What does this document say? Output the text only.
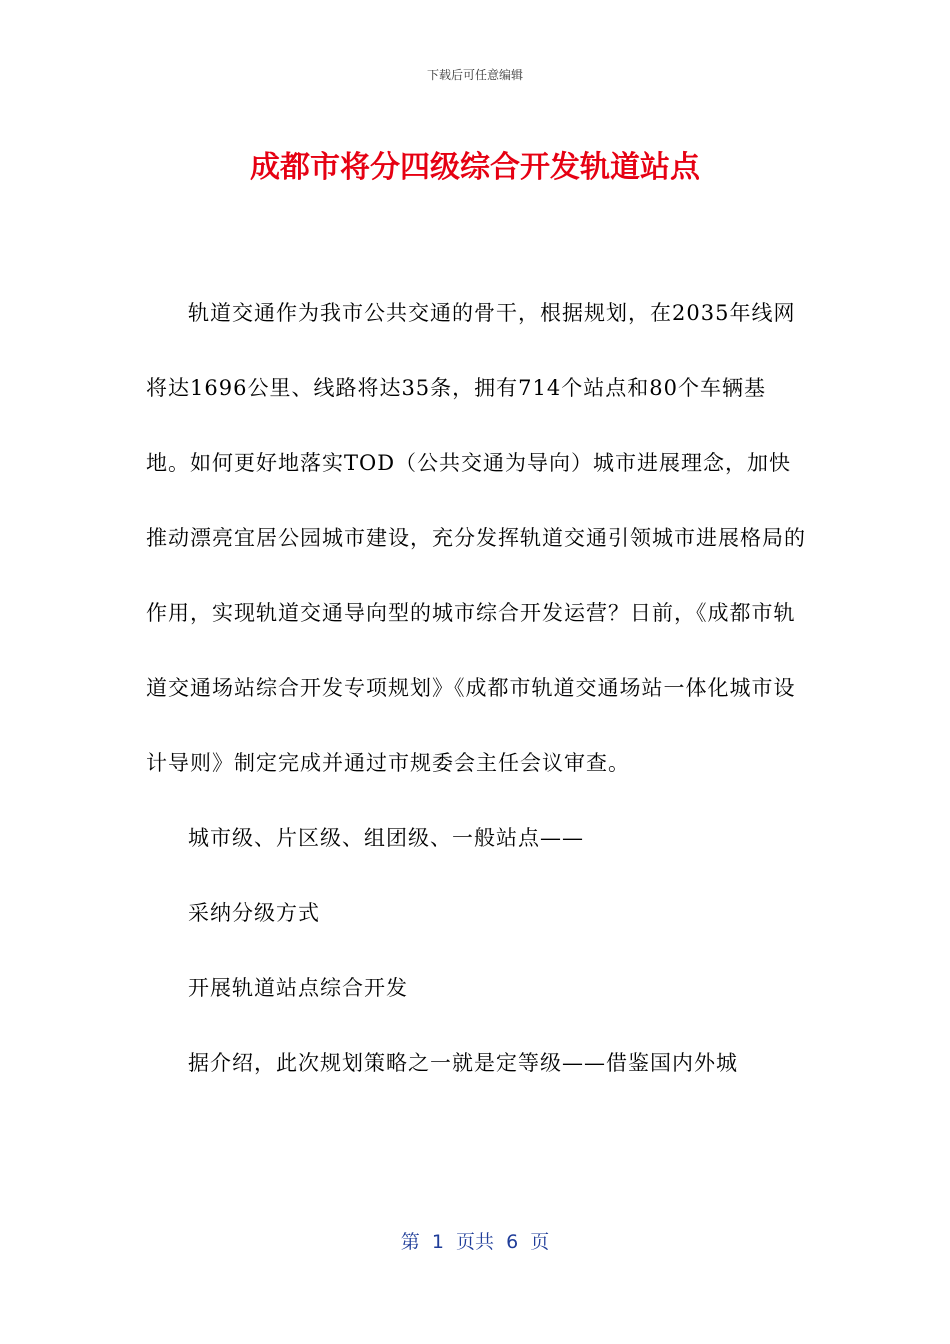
下载后可任意编辑
成都市将分四级综合开发轨道站点

轨道交通作为我市公共交通的骨干，根据规划，在2035年线网将达1696公里、线路将达35条，拥有714个站点和80个车辆基地。如何更好地落实TOD（公共交通为导向）城市进展理念，加快推动漂亮宜居公园城市建设，充分发挥轨道交通引领城市进展格局的作用，实现轨道交通导向型的城市综合开发运营？日前，《成都市轨道交通场站综合开发专项规划》《成都市轨道交通场站一体化城市设计导则》制定完成并通过市规委会主任会议审查。

城市级、片区级、组团级、一般站点——

采纳分级方式

开展轨道站点综合开发

据介绍，此次规划策略之一就是定等级——借鉴国内外城

第  1  页共  6  页
